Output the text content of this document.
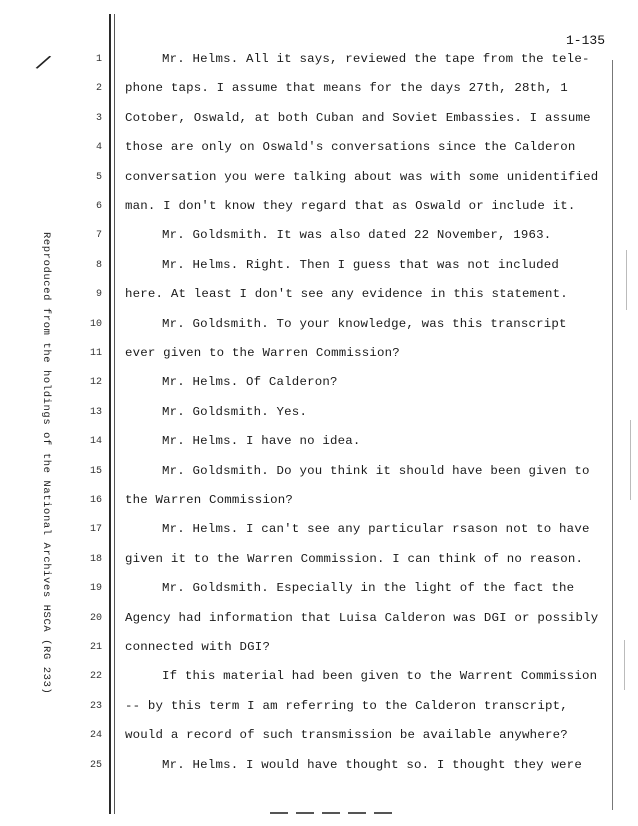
/
1-135
Reproduced from the holdings of the National Archives HSCA (RG 233)
1	Mr. Helms. All it says, reviewed the tape from the tele-
2 phone taps. I assume that means for the days 27th, 28th, 1
3 Cotober, Oswald, at both Cuban and Soviet Embassies. I assume
4 those are only on Oswald's conversations since the Calderon
5 conversation you were talking about was with some unidentified
6 man. I don't know they regard that as Oswald or include it.
7	Mr. Goldsmith. It was also dated 22 November, 1963.
8	Mr. Helms. Right. Then I guess that was not included
9 here. At least I don't see any evidence in this statement.
10	Mr. Goldsmith. To your knowledge, was this transcript
11 ever given to the Warren Commission?
12	Mr. Helms. Of Calderon?
13	Mr. Goldsmith. Yes.
14	Mr. Helms. I have no idea.
15	Mr. Goldsmith. Do you think it should have been given to
16 the Warren Commission?
17	Mr. Helms. I can't see any particular rsason not to have
18 given it to the Warren Commission. I can think of no reason.
19	Mr. Goldsmith. Especially in the light of the fact the
20 Agency had information that Luisa Calderon was DGI or possibly
21 connected with DGI?
22	If this material had been given to the Warrent Commission
23 -- by this term I am referring to the Calderon transcript,
24 would a record of such transmission be available anywhere?
25	Mr. Helms. I would have thought so. I thought they were
